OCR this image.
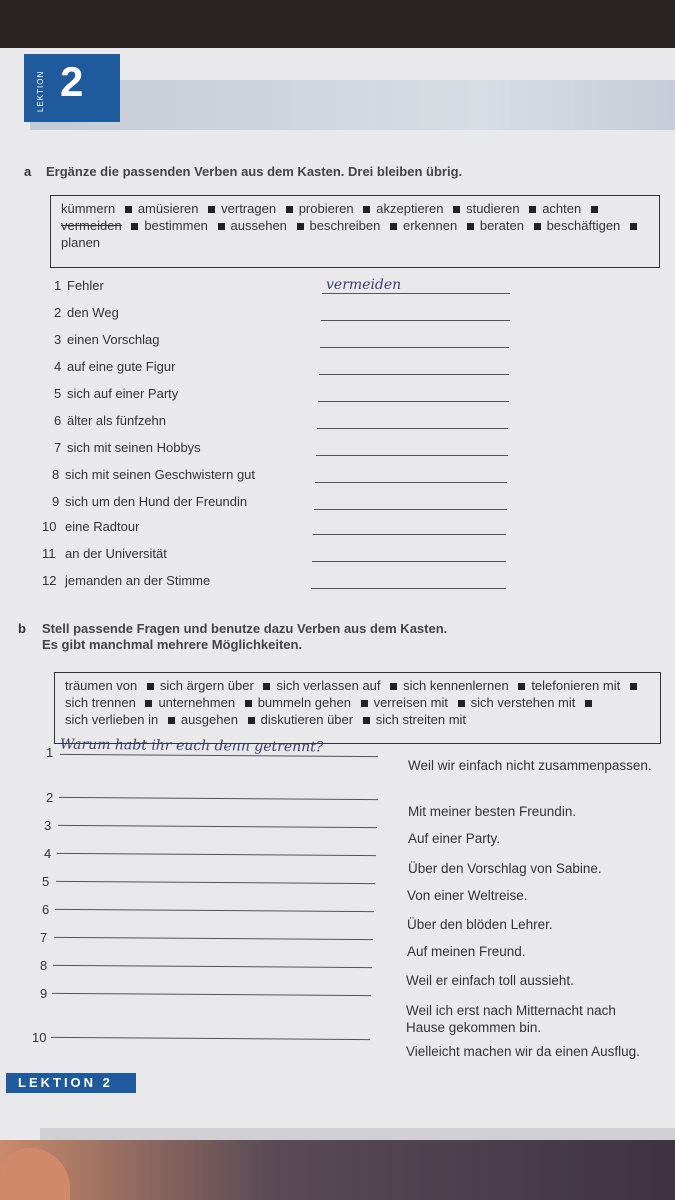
LEKTION 2
a Ergänze die passenden Verben aus dem Kasten. Drei bleiben übrig.
kümmern amüsieren vertragen probieren akzeptieren studieren achten vermeiden bestimmen aussehen beschreiben erkennen beraten beschäftigen planen
1 Fehler	vermeiden
2 den Weg
3 einen Vorschlag
4 auf eine gute Figur
5 sich auf einer Party
6 älter als fünfzehn
7 sich mit seinen Hobbys
8 sich mit seinen Geschwistern gut
9 sich um den Hund der Freundin
10 eine Radtour
11 an der Universität
12 jemanden an der Stimme
b Stell passende Fragen und benutze dazu Verben aus dem Kasten.
Es gibt manchmal mehrere Möglichkeiten.
träumen von sich ärgern über sich verlassen auf sich kennenlernen telefonieren mit sich trennen unternehmen bummeln gehen verreisen mit sich verstehen mit sich verlieben in ausgehen diskutieren über sich streiten mit
1 Warum habt ihr euch denn getrennt?
Weil wir einfach nicht zusammenpassen.
2
Mit meiner besten Freundin.
3
Auf einer Party.
4
Über den Vorschlag von Sabine.
5
Von einer Weltreise.
6
Über den blöden Lehrer.
7
Auf meinen Freund.
8
Weil er einfach toll aussieht.
9
Weil ich erst nach Mitternacht nach Hause gekommen bin.
10
Vielleicht machen wir da einen Ausflug.
LEKTION 2
